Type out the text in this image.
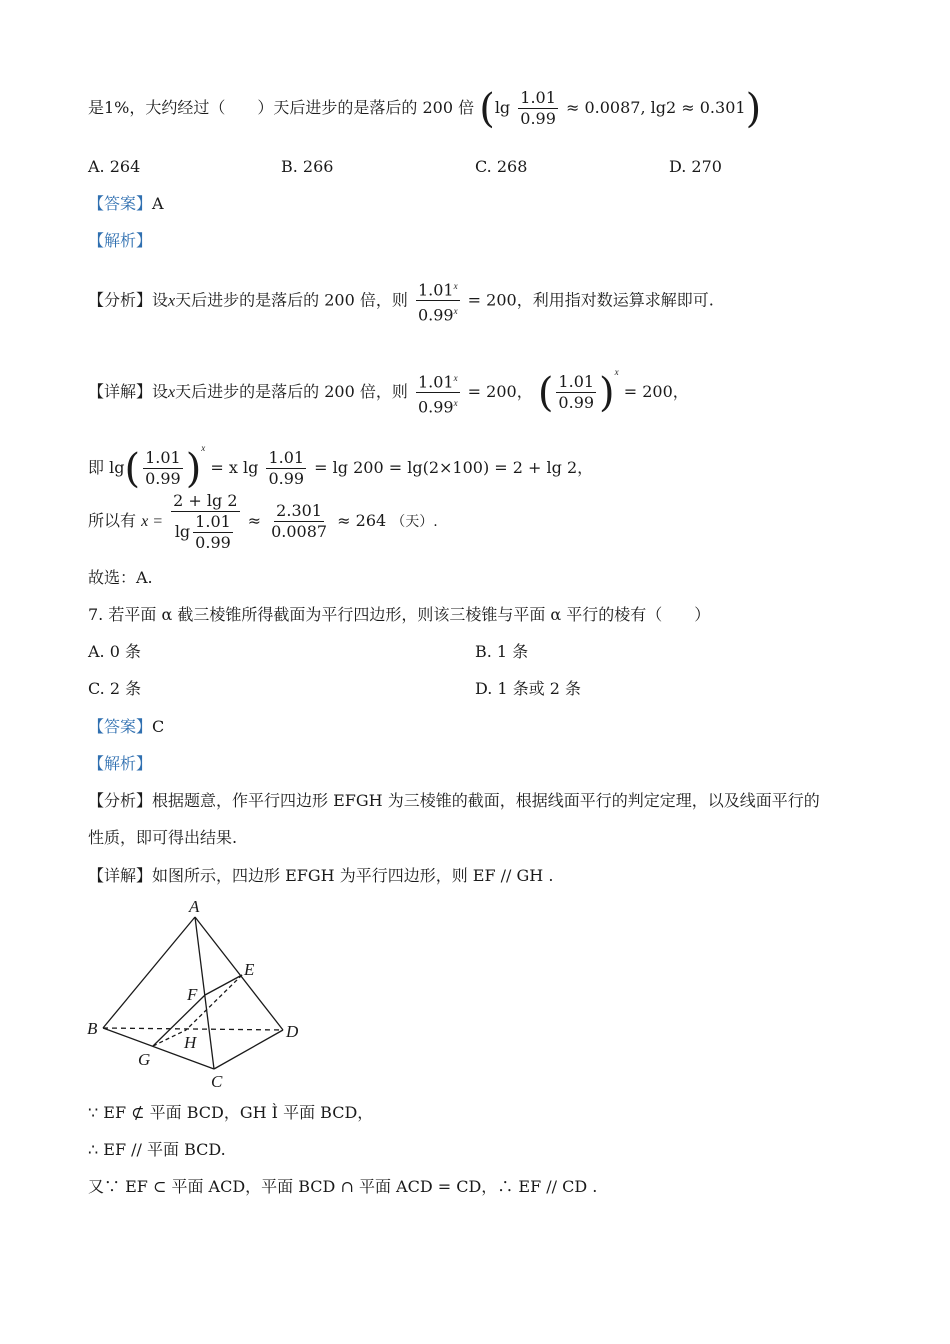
是1%，大约经过（　　）天后进步的是落后的 200 倍 ($\lg \frac{1.01}{0.99} \approx 0.0087$, lg2 ≈ 0.301)
A. 264	B. 266	C. 268	D. 270
【答案】A
【解析】
【分析】设x天后进步的是落后的 200 倍，则 $\frac{1.01^x}{0.99^x} = 200$，利用指对数运算求解即可.
【详解】设x天后进步的是落后的 200 倍，则 $\frac{1.01^x}{0.99^x} = 200$， ( $\frac{1.01}{0.99} )^x = 200$，
即 $\lg( \frac{1.01}{0.99} )^x = x$ $\lg \frac{1.01}{0.99} = \lg 200 = \lg(2\times 100) = 2 + \lg 2$，
所以有 $x = \frac{2 + \lg 2}{\lg \frac{1.01}{0.99}} \approx \frac{2.301}{0.0087} \approx 264$ （天）.
故选：A.
7. 若平面 α 截三棱锥所得截面为平行四边形，则该三棱锥与平面 α 平行的棱有（　　）
A. 0 条	B. 1 条
C. 2 条	D. 1 条或 2 条
【答案】C
【解析】
【分析】根据题意，作平行四边形 EFGH 为三棱锥的截面，根据线面平行的判定定理，以及线面平行的
性质，即可得出结果.
【详解】如图所示，四边形 EFGH 为平行四边形，则 EF // GH .
A
B
C
D
E
F
G
H
∵ EF ⊄ 平面 BCD，GH Ì 平面 BCD，
∴ EF // 平面 BCD.
又∵ EF ⊂ 平面 ACD，平面 BCD ∩ 平面 ACD = CD，∴ EF // CD .
